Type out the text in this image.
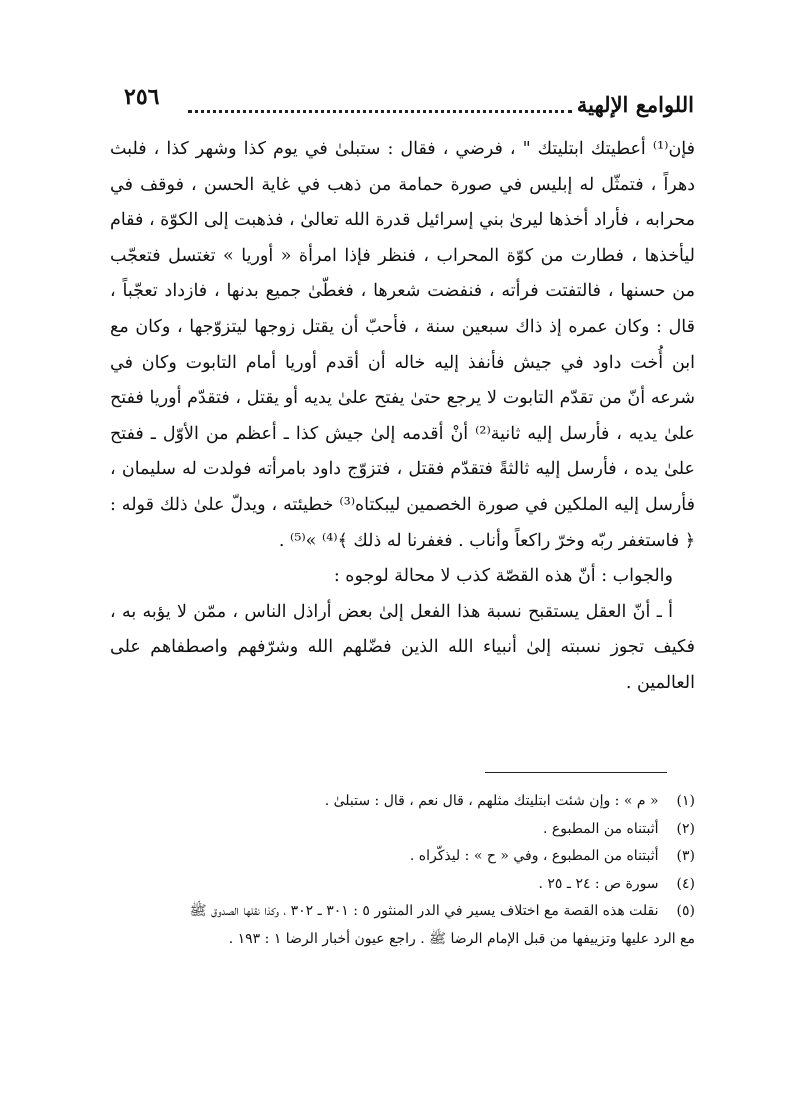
اللوامع الإلهية
٢٥٦

فإن⁽¹⁾ أعطيتك ابتليتك " ، فرضي ، فقال : ستبلىٰ في يوم كذا وشهر كذا ، فلبث دهراً ، فتمثّل له إبليس في صورة حمامة من ذهب في غاية الحسن ، فوقف في محرابه ، فأراد أخذها ليرىٰ بني إسرائيل قدرة الله تعالىٰ ، فذهبت إلى الكوّة ، فقام ليأخذها ، فطارت من كوّة المحراب ، فنظر فإذا امرأة « أوريا » تغتسل فتعجّب من حسنها ، فالتفتت فرأته ، فنفضت شعرها ، فغطّىٰ جميع بدنها ، فازداد تعجّباً ، قال : وكان عمره إذ ذاك سبعين سنة ، فأحبّ أن يقتل زوجها ليتزوّجها ، وكان مع ابن أُخت داود في جيش فأنفذ إليه خاله أن أقدم أوريا أمام التابوت وكان في شرعه أنّ من تقدّم التابوت لا يرجع حتىٰ يفتح علىٰ يديه أو يقتل ، فتقدّم أوريا ففتح علىٰ يديه ، فأرسل إليه ثانية⁽²⁾ أنْ أقدمه إلىٰ جيش كذا ـ أعظم من الأوّل ـ ففتح علىٰ يده ، فأرسل إليه ثالثةً فتقدّم فقتل ، فتزوّج داود بامرأته فولدت له سليمان ، فأرسل إليه الملكين في صورة الخصمين ليبكتاه⁽³⁾ خطيئته ، ويدلّ علىٰ ذلك قوله : ﴿ فاستغفر ربّه وخرّ راكعاً وأناب . فغفرنا له ذلك ﴾⁽⁴⁾ »⁽⁵⁾ .

والجواب : أنّ هذه القصّة كذب لا محالة لوجوه :

أ ـ أنّ العقل يستقبح نسبة هذا الفعل إلىٰ بعض أراذل الناس ، ممّن لا يؤبه به ، فكيف تجوز نسبته إلىٰ أنبياء الله الذين فضّلهم الله وشرّفهم واصطفاهم على العالمين .

(١) « م » : وإن شئت ابتليتك مثلهم ، قال نعم ، قال : ستبلىٰ .

(٢) أثبتناه من المطبوع .

(٣) أثبتناه من المطبوع ، وفي « ح » : ليذكّراه .

(٤) سورة ص : ٢٤ ـ ٢٥ .

(٥) نقلت هذه القصة مع اختلاف يسير في الدر المنثور ٥ : ٣٠١ ـ ٣٠٢ ، وكذا نقلها الصدوق ﷺ

مع الرد عليها وتزييفها من قبل الإمام الرضا ﷺ . راجع عيون أخبار الرضا ١ : ١٩٣ .
